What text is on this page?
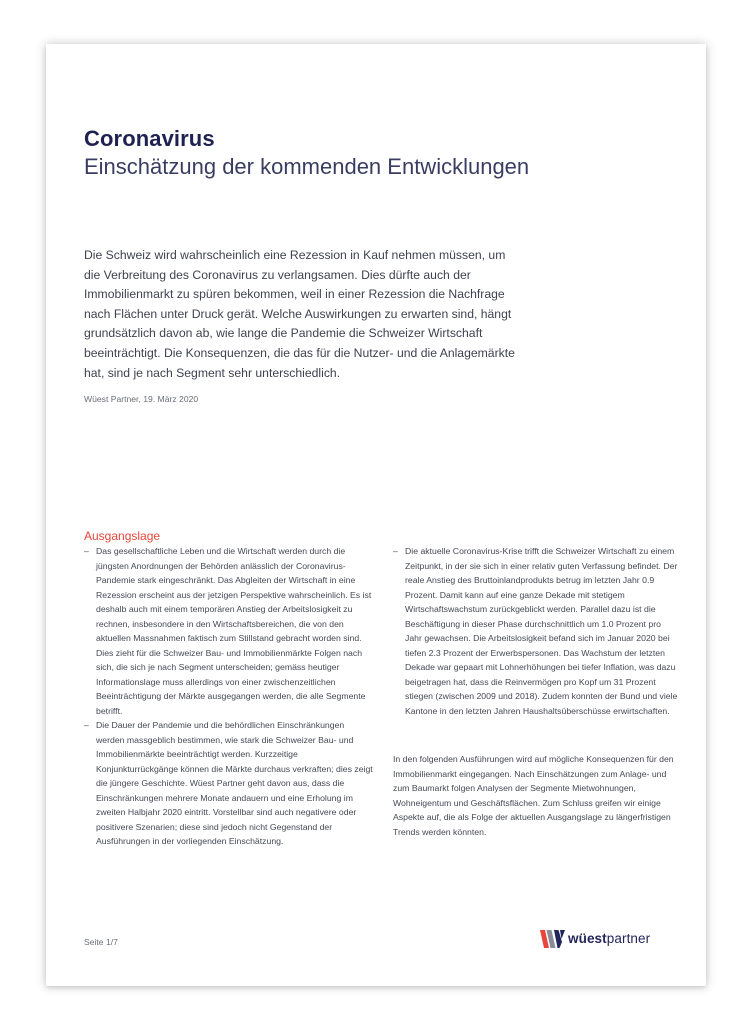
Coronavirus
Einschätzung der kommenden Entwicklungen

Die Schweiz wird wahrscheinlich eine Rezession in Kauf nehmen müssen, um die Verbreitung des Coronavirus zu verlangsamen. Dies dürfte auch der Immobilienmarkt zu spüren bekommen, weil in einer Rezession die Nachfrage nach Flächen unter Druck gerät. Welche Auswirkungen zu erwarten sind, hängt grundsätzlich davon ab, wie lange die Pandemie die Schweizer Wirtschaft beeinträchtigt. Die Konsequenzen, die das für die Nutzer- und die Anlagemärkte hat, sind je nach Segment sehr unterschiedlich.

Wüest Partner, 19. März 2020

Ausgangslage

– Das gesellschaftliche Leben und die Wirtschaft werden durch die jüngsten Anordnungen der Behörden anlässlich der Coronavirus-Pandemie stark eingeschränkt. Das Abgleiten der Wirtschaft in eine Rezession erscheint aus der jetzigen Perspektive wahrscheinlich. Es ist deshalb auch mit einem temporären Anstieg der Arbeitslosigkeit zu rechnen, insbesondere in den Wirtschaftsbereichen, die von den aktuellen Massnahmen faktisch zum Stillstand gebracht worden sind. Dies zieht für die Schweizer Bau- und Immobilienmärkte Folgen nach sich, die sich je nach Segment unterscheiden; gemäss heutiger Informationslage muss allerdings von einer zwischenzeitlichen Beeinträchtigung der Märkte ausgegangen werden, die alle Segmente betrifft.

– Die Dauer der Pandemie und die behördlichen Einschränkungen werden massgeblich bestimmen, wie stark die Schweizer Bau- und Immobilienmärkte beeinträchtigt werden. Kurzzeitige Konjunkturrückgänge können die Märkte durchaus verkraften; dies zeigt die jüngere Geschichte. Wüest Partner geht davon aus, dass die Einschränkungen mehrere Monate andauern und eine Erholung im zweiten Halbjahr 2020 eintritt. Vorstellbar sind auch negativere oder positivere Szenarien; diese sind jedoch nicht Gegenstand der Ausführungen in der vorliegenden Einschätzung.

– Die aktuelle Coronavirus-Krise trifft die Schweizer Wirtschaft zu einem Zeitpunkt, in der sie sich in einer relativ guten Verfassung befindet. Der reale Anstieg des Bruttoinlandprodukts betrug im letzten Jahr 0.9 Prozent. Damit kann auf eine ganze Dekade mit stetigem Wirtschaftswachstum zurückgeblickt werden. Parallel dazu ist die Beschäftigung in dieser Phase durchschnittlich um 1.0 Prozent pro Jahr gewachsen. Die Arbeitslosigkeit befand sich im Januar 2020 bei tiefen 2.3 Prozent der Erwerbspersonen. Das Wachstum der letzten Dekade war gepaart mit Lohnerhöhungen bei tiefer Inflation, was dazu beigetragen hat, dass die Reinvermögen pro Kopf um 31 Prozent stiegen (zwischen 2009 und 2018). Zudem konnten der Bund und viele Kantone in den letzten Jahren Haushaltsüberschüsse erwirtschaften.

In den folgenden Ausführungen wird auf mögliche Konsequenzen für den Immobilienmarkt eingegangen. Nach Einschätzungen zum Anlage- und zum Baumarkt folgen Analysen der Segmente Mietwohnungen, Wohneigentum und Geschäftsflächen. Zum Schluss greifen wir einige Aspekte auf, die als Folge der aktuellen Ausgangslage zu längerfristigen Trends werden könnten.

Seite 1/7	wüestpartner
